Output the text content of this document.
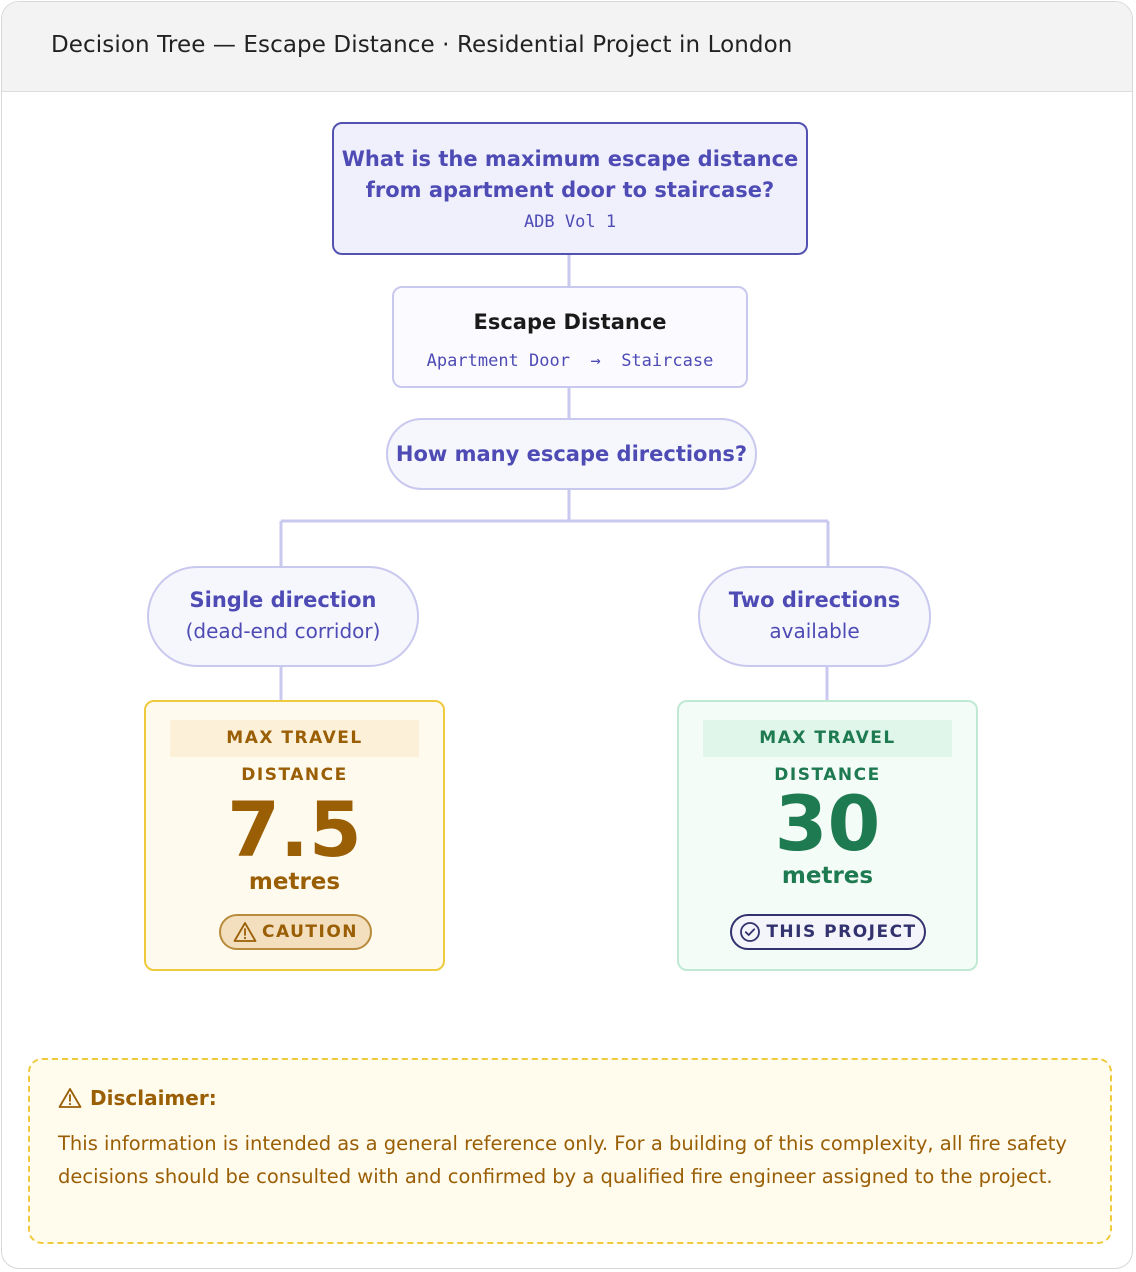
Decision Tree — Escape Distance · Residential Project in London
What is the maximum escape distance from apartment door to staircase?
ADB Vol 1
Escape Distance
Apartment Door → Staircase
How many escape directions?
Single direction
(dead-end corridor)
Two directions
available
MAX TRAVEL DISTANCE
7.5
metres
CAUTION
MAX TRAVEL DISTANCE
30
metres
THIS PROJECT
Disclaimer:
This information is intended as a general reference only. For a building of this complexity, all fire safety decisions should be consulted with and confirmed by a qualified fire engineer assigned to the project.
